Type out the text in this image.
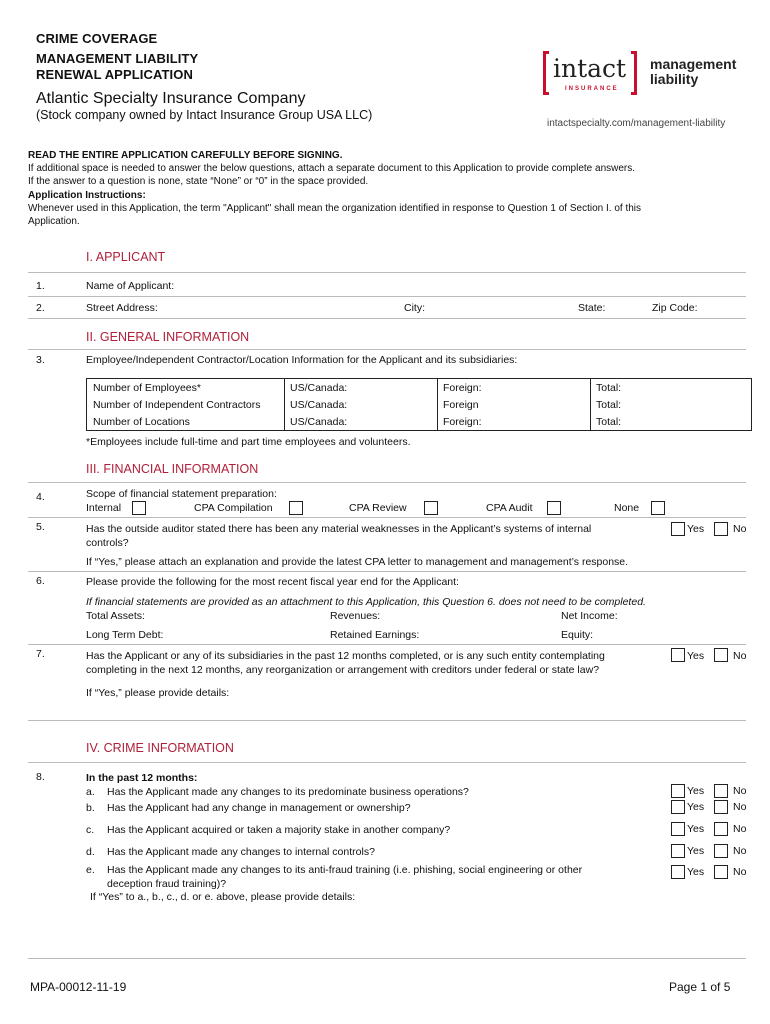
CRIME COVERAGE
MANAGEMENT LIABILITY
RENEWAL APPLICATION
Atlantic Specialty Insurance Company
(Stock company owned by Intact Insurance Group USA LLC)
intact
INSURANCE
management
liability
intactspecialty.com/management-liability
READ THE ENTIRE APPLICATION CAREFULLY BEFORE SIGNING.
If additional space is needed to answer the below questions, attach a separate document to this Application to provide complete answers.
If the answer to a question is none, state “None” or “0” in the space provided.
Application Instructions:
Whenever used in this Application, the term "Applicant" shall mean the organization identified in response to Question 1 of Section I. of this
Application.
I. APPLICANT
1.	Name of Applicant:
2.	Street Address:	City:	State:	Zip Code:
II. GENERAL INFORMATION
3.	Employee/Independent Contractor/Location Information for the Applicant and its subsidiaries:
Number of Employees*	US/Canada:	Foreign:	Total:
Number of Independent Contractors	US/Canada:	Foreign	Total:
Number of Locations	US/Canada:	Foreign:	Total:
*Employees include full-time and part time employees and volunteers.
III. FINANCIAL INFORMATION
4.	Scope of financial statement preparation:
Internal	CPA Compilation	CPA Review	CPA Audit	None
5.	Has the outside auditor stated there has been any material weaknesses in the Applicant’s systems of internal
controls?
Yes	No
If “Yes,” please attach an explanation and provide the latest CPA letter to management and management’s response.
6.	Please provide the following for the most recent fiscal year end for the Applicant:
If financial statements are provided as an attachment to this Application, this Question 6. does not need to be completed.
Total Assets:	Revenues:	Net Income:
Long Term Debt:	Retained Earnings:	Equity:
7.	Has the Applicant or any of its subsidiaries in the past 12 months completed, or is any such entity contemplating
completing in the next 12 months, any reorganization or arrangement with creditors under federal or state law?
Yes	No
If “Yes,” please provide details:
IV. CRIME INFORMATION
8.	In the past 12 months:
a. Has the Applicant made any changes to its predominate business operations?	Yes	No
b. Has the Applicant had any change in management or ownership?	Yes	No
c. Has the Applicant acquired or taken a majority stake in another company?	Yes	No
d. Has the Applicant made any changes to internal controls?	Yes	No
e. Has the Applicant made any changes to its anti-fraud training (i.e. phishing, social engineering or other
deception fraud training)?
Yes	No
If “Yes” to a., b., c., d. or e. above, please provide details:
MPA-00012-11-19	Page 1 of 5
